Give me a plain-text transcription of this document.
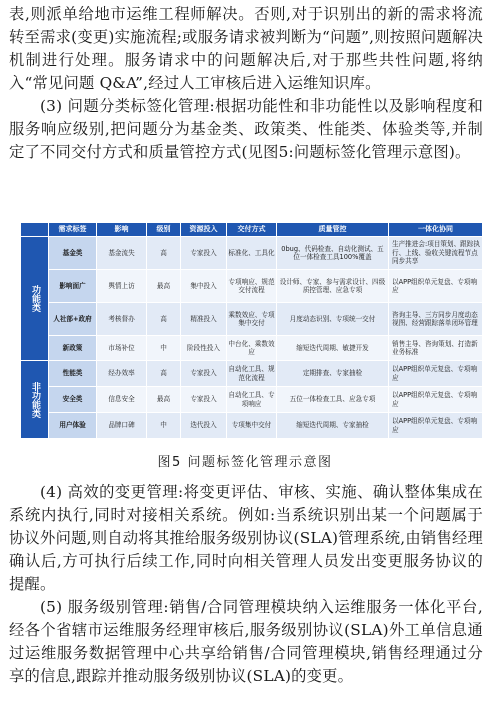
表,则派单给地市运维工程师解决。否则,对于识别出的新的需求将流转至需求(变更)实施流程;或服务请求被判断为“问题”,则按照问题解决机制进行处理。服务请求中的问题解决后,对于那些共性问题,将纳入“常见问题 Q&A”,经过人工审核后进入运维知识库。

(3) 问题分类标签化管理:根据功能性和非功能性以及影响程度和服务响应级别,把问题分为基金类、政策类、性能类、体验类等,并制定了不同交付方式和质量管控方式(见图5:问题标签化管理示意图)。

	需求标签	影响	级别	资源投入	交付方式	质量管控	一体化协同
功能类	基金类	基金流失	高	专家投入	标准化、工具化	0bug、代码检查、自动化测试、五位一体检查工具100%覆盖	生产推进会:项目策划、跟踪执行、上线、验收关键流程节点同步共享
	影响面广	舆情上访	最高	集中投入	专项响应、规范交付流程	设计师、专家、参与需求设计、四级质控管理、应急专项	以APP组织单元复盘、专项响应
	人社部+政府	考核督办	高	精准投入	乘数效应、专项集中交付	月度动态识别、专项统一交付	咨询主导、三方同步月度动态视图、经营跟踪落单闭环管理
	新政策	市场补位	中	阶段性投入	中台化、乘数效应	缩短迭代周期、敏捷开发	销售主导、咨询策划、打造新业务标准
非功能类	性能类	经办效率	高	专家投入	自动化工具、规范化流程	定期排查、专家抽检	以APP组织单元复盘、专项响应
	安全类	信息安全	最高	专家投入	自动化工具、专项响应	五位一体检查工具、应急专项	以APP组织单元复盘、专项响应
	用户体验	品牌口碑	中	迭代投入	专项集中交付	缩短迭代周期、专家抽检	以APP组织单元复盘、专项响应
图5 问题标签化管理示意图

(4) 高效的变更管理:将变更评估、审核、实施、确认整体集成在系统内执行,同时对接相关系统。例如:当系统识别出某一个问题属于协议外问题,则自动将其推给服务级别协议(SLA)管理系统,由销售经理确认后,方可执行后续工作,同时向相关管理人员发出变更服务协议的提醒。

(5) 服务级别管理:销售/合同管理模块纳入运维服务一体化平台,经各个省辖市运维服务经理审核后,服务级别协议(SLA)外工单信息通过运维服务数据管理中心共享给销售/合同管理模块,销售经理通过分享的信息,跟踪并推动服务级别协议(SLA)的变更。
